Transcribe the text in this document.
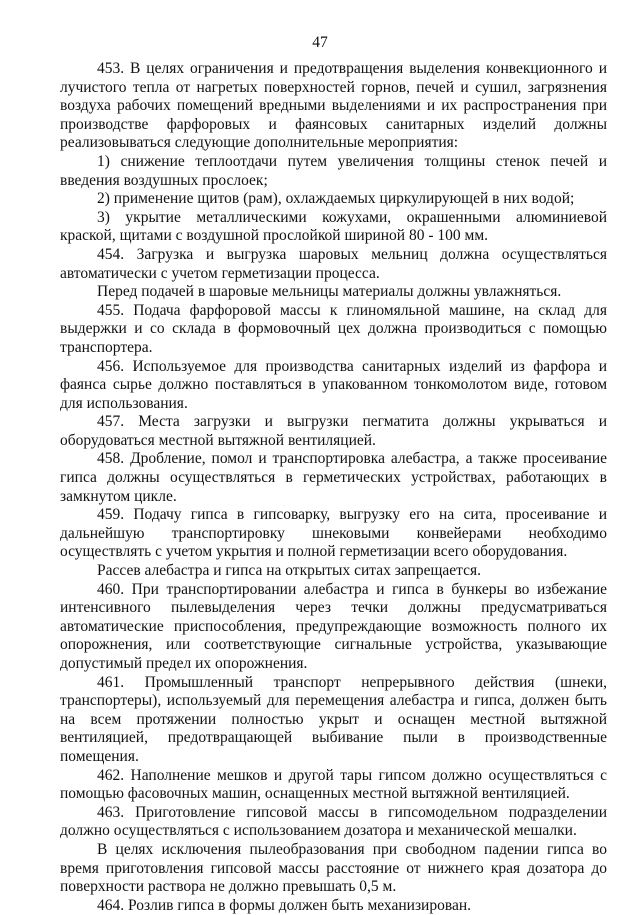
47

453. В целях ограничения и предотвращения выделения конвекционного и лучистого тепла от нагретых поверхностей горнов, печей и сушил, загрязнения воздуха рабочих помещений вредными выделениями и их распространения при производстве фарфоровых и фаянсовых санитарных изделий должны реализовываться следующие дополнительные мероприятия:

1) снижение теплоотдачи путем увеличения толщины стенок печей и введения воздушных прослоек;

2) применение щитов (рам), охлаждаемых циркулирующей в них водой;

3) укрытие металлическими кожухами, окрашенными алюминиевой краской, щитами с воздушной прослойкой шириной 80 - 100 мм.

454. Загрузка и выгрузка шаровых мельниц должна осуществляться автоматически с учетом герметизации процесса.

Перед подачей в шаровые мельницы материалы должны увлажняться.

455. Подача фарфоровой массы к глиномяльной машине, на склад для выдержки и со склада в формовочный цех должна производиться с помощью транспортера.

456. Используемое для производства санитарных изделий из фарфора и фаянса сырье должно поставляться в упакованном тонкомолотом виде, готовом для использования.

457. Места загрузки и выгрузки пегматита должны укрываться и оборудоваться местной вытяжной вентиляцией.

458. Дробление, помол и транспортировка алебастра, а также просеивание гипса должны осуществляться в герметических устройствах, работающих в замкнутом цикле.

459. Подачу гипса в гипсоварку, выгрузку его на сита, просеивание и дальнейшую транспортировку шнековыми конвейерами необходимо осуществлять с учетом укрытия и полной герметизации всего оборудования.

Рассев алебастра и гипса на открытых ситах запрещается.

460. При транспортировании алебастра и гипса в бункеры во избежание интенсивного пылевыделения через течки должны предусматриваться автоматические приспособления, предупреждающие возможность полного их опорожнения, или соответствующие сигнальные устройства, указывающие допустимый предел их опорожнения.

461. Промышленный транспорт непрерывного действия (шнеки, транспортеры), используемый для перемещения алебастра и гипса, должен быть на всем протяжении полностью укрыт и оснащен местной вытяжной вентиляцией, предотвращающей выбивание пыли в производственные помещения.

462. Наполнение мешков и другой тары гипсом должно осуществляться с помощью фасовочных машин, оснащенных местной вытяжной вентиляцией.

463. Приготовление гипсовой массы в гипсомодельном подразделении должно осуществляться с использованием дозатора и механической мешалки.

В целях исключения пылеобразования при свободном падении гипса во время приготовления гипсовой массы расстояние от нижнего края дозатора до поверхности раствора не должно превышать 0,5 м.

464. Розлив гипса в формы должен быть механизирован.
